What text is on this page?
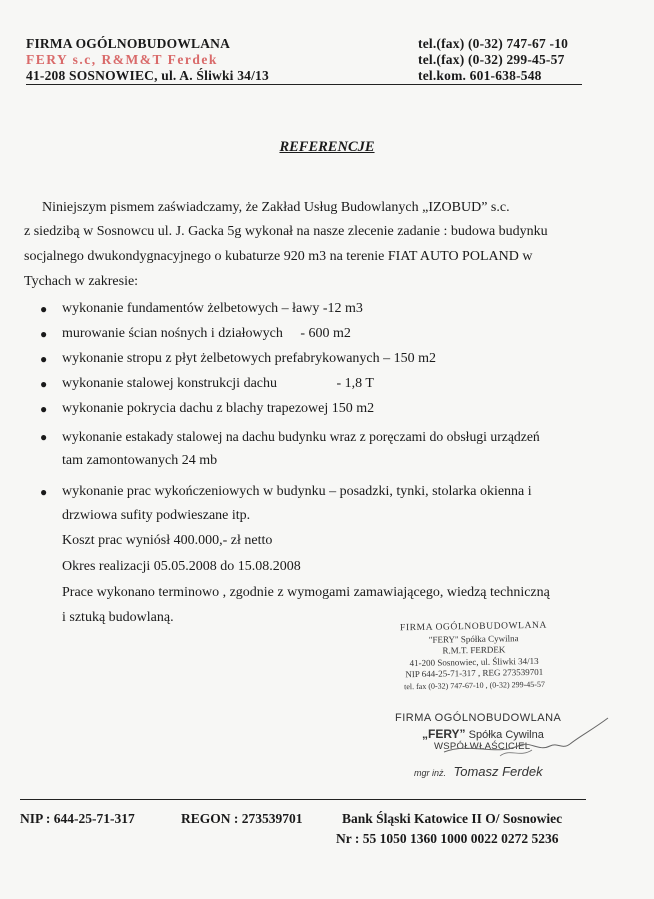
FIRMA OGÓLNOBUDOWLANA
FERY s.c, R&M&T Ferdek
41-208 SOSNOWIEC, ul. A. Śliwki 34/13
tel.(fax) (0-32) 747-67 -10
tel.(fax) (0-32) 299-45-57
tel.kom. 601-638-548
REFERENCJE
Niniejszym pismem zaświadczamy, że Zakład Usług Budowlanych „IZOBUD” s.c.
z siedzibą w Sosnowcu ul. J. Gacka 5g wykonał na nasze zlecenie zadanie : budowa budynku
socjalnego dwukondygnacyjnego o kubaturze 920 m3 na terenie FIAT AUTO POLAND w
Tychach w zakresie:
● wykonanie fundamentów żelbetowych – ławy -12 m3
● murowanie ścian nośnych i działowych     - 600 m2
● wykonanie stropu z płyt żelbetowych prefabrykowanych – 150 m2
● wykonanie stalowej konstrukcji dachu                 - 1,8 T
● wykonanie pokrycia dachu z blachy trapezowej 150 m2
● wykonanie estakady stalowej na dachu budynku wraz z poręczami do obsługi urządzeń
tam zamontowanych 24 mb
● wykonanie prac wykończeniowych w budynku – posadzki, tynki, stolarka okienna i
drzwiowa sufity podwieszane itp.
Koszt prac wyniósł 400.000,- zł netto
Okres realizacji 05.05.2008 do 15.08.2008
Prace wykonano terminowo , zgodnie z wymogami zamawiającego, wiedzą techniczną
i sztuką budowlaną.
FIRMA OGÓLNOBUDOWLANA
"FERY" Spółka Cywilna
R.M.T. FERDEK
41-200 Sosnowiec, ul. Śliwki 34/13
NIP 644-25-71-317 , REG 273539701
tel. fax (0-32) 747-67-10 , (0-32) 299-45-57
FIRMA OGÓLNOBUDOWLANA
„FERY” Spółka Cywilna
WSPÓŁWŁAŚCICIEL
mgr inż. Tomasz Ferdek
NIP : 644-25-71-317	REGON : 273539701	Bank Śląski Katowice II O/ Sosnowiec
Nr : 55 1050 1360 1000 0022 0272 5236
